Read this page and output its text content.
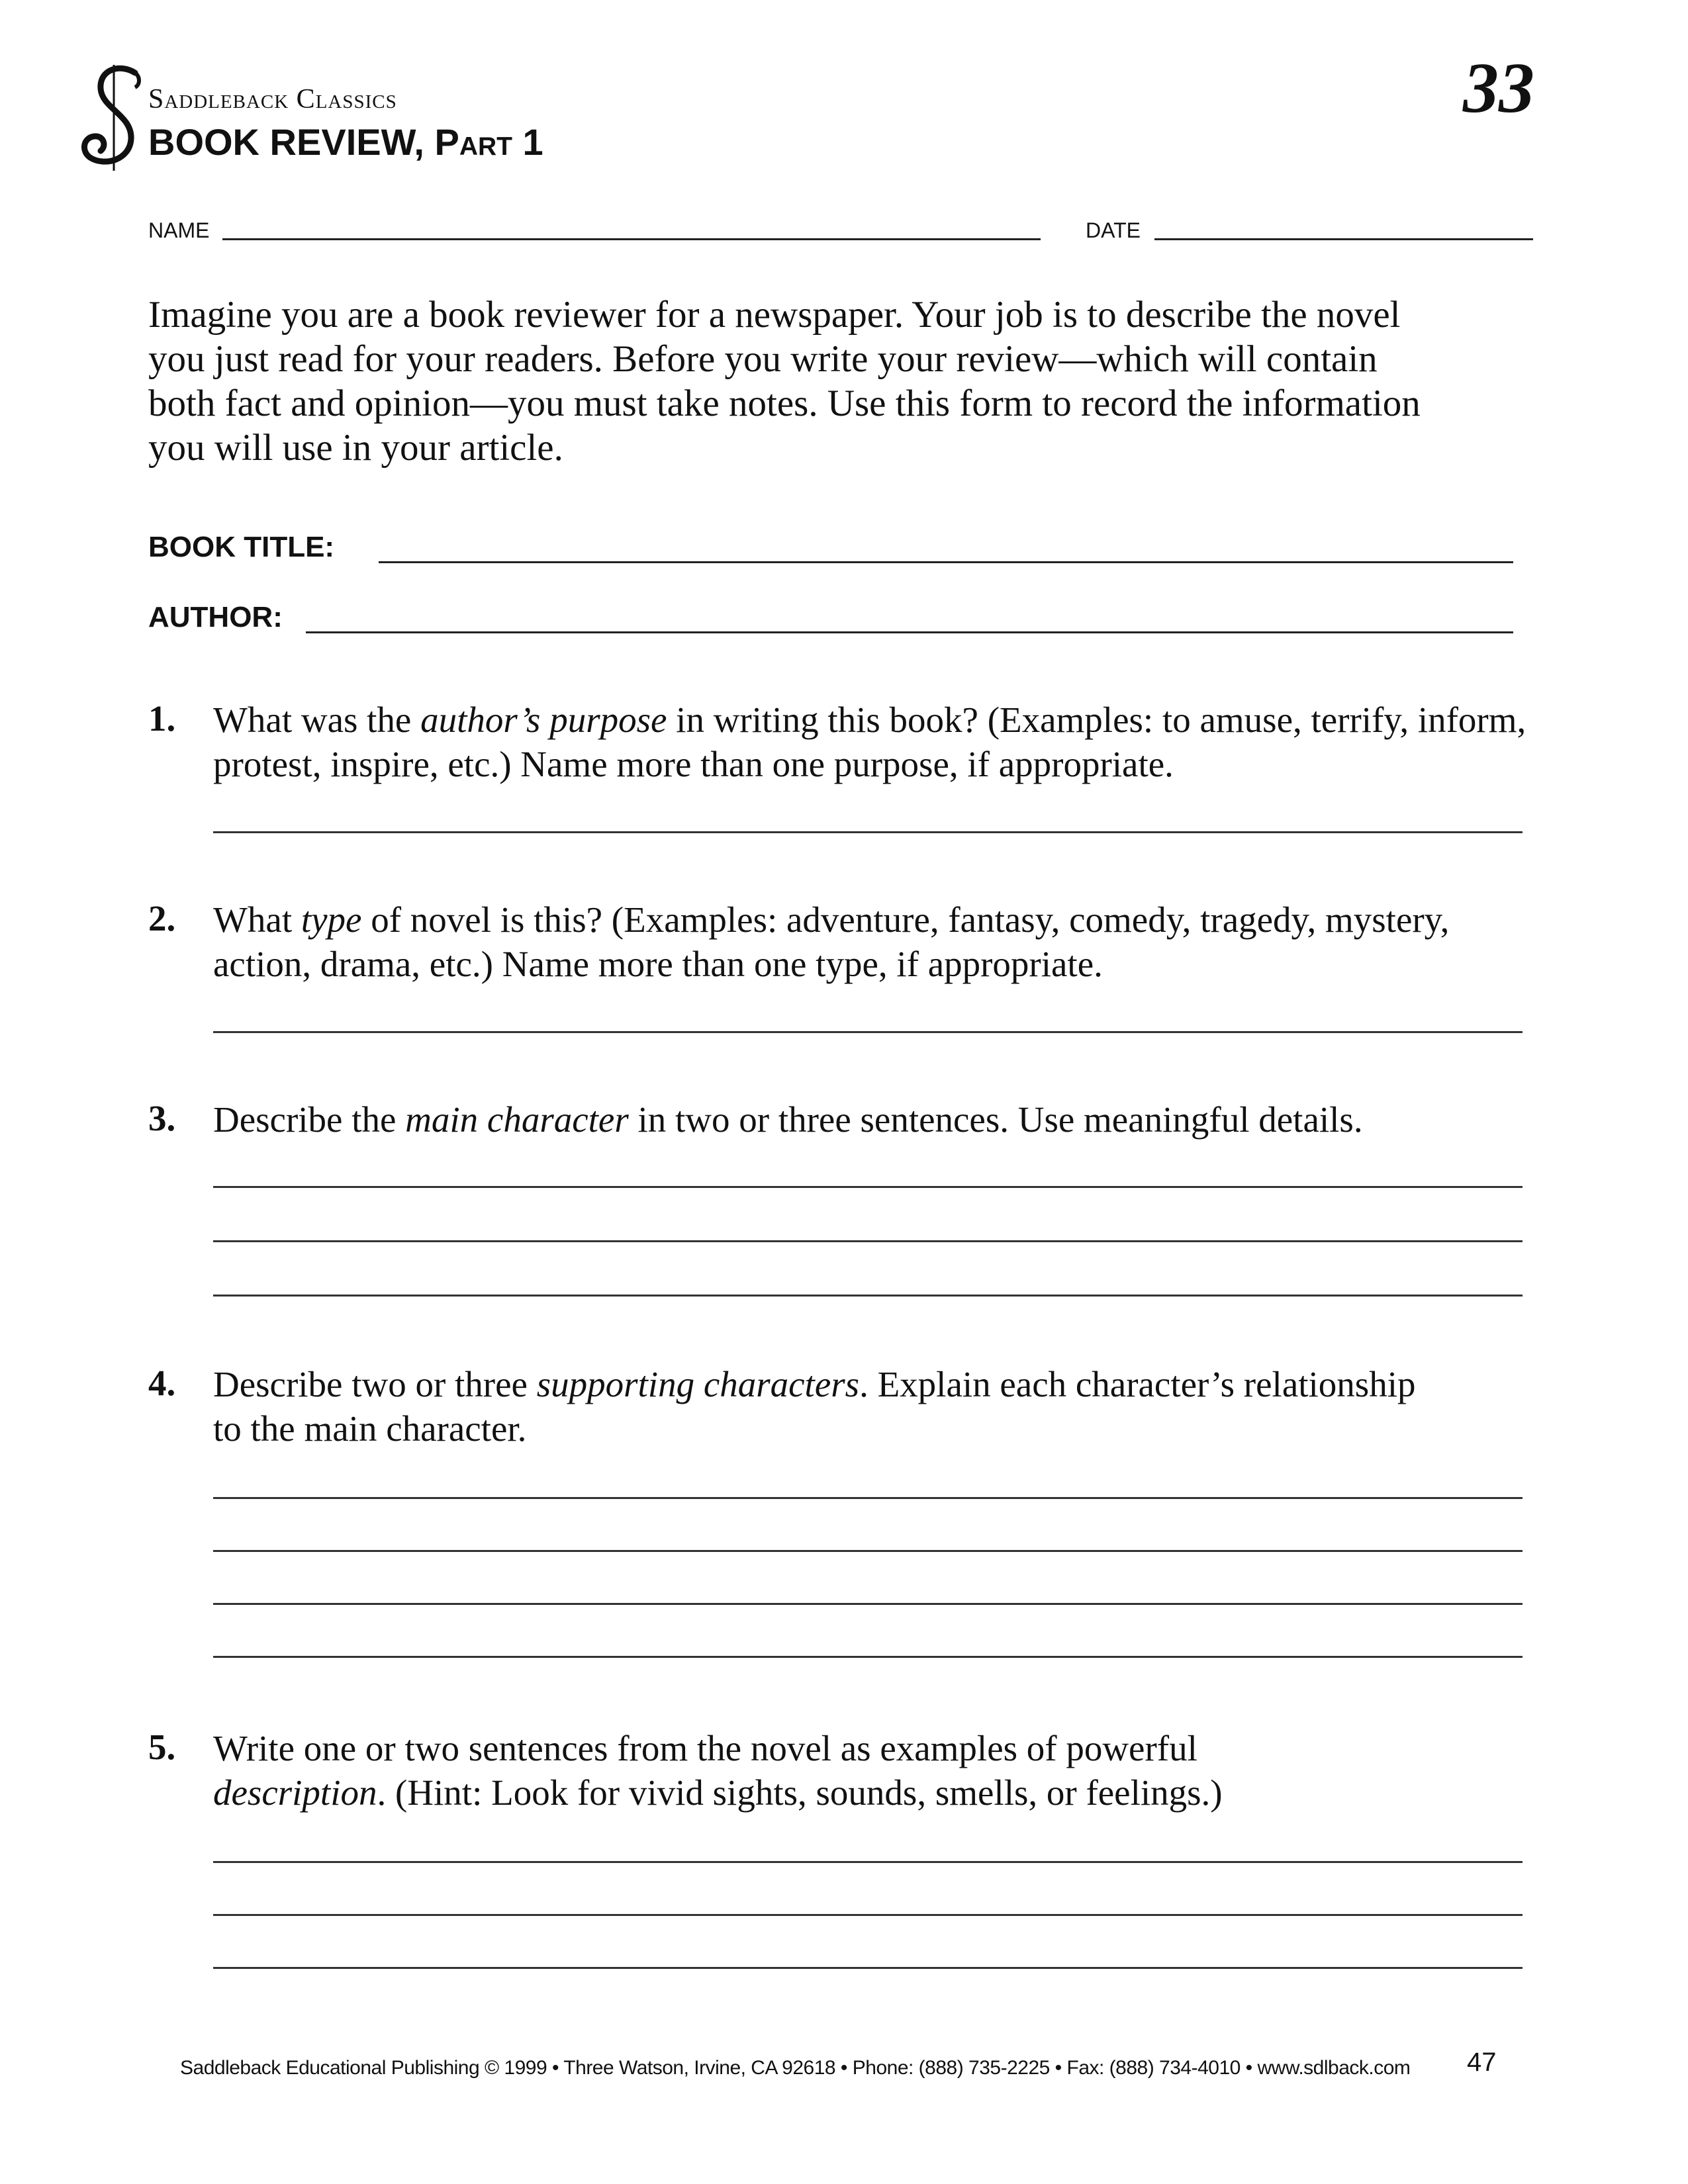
Saddleback Classics
BOOK REVIEW, Part 1
33
NAME	DATE
Imagine you are a book reviewer for a newspaper. Your job is to describe the novel you just read for your readers. Before you write your review—which will contain both fact and opinion—you must take notes. Use this form to record the information you will use in your article.
BOOK TITLE:
AUTHOR:
1. What was the author’s purpose in writing this book? (Examples: to amuse, terrify, inform, protest, inspire, etc.) Name more than one purpose, if appropriate.
2. What type of novel is this? (Examples: adventure, fantasy, comedy, tragedy, mystery, action, drama, etc.) Name more than one type, if appropriate.
3. Describe the main character in two or three sentences. Use meaningful details.
4. Describe two or three supporting characters. Explain each character’s relationship to the main character.
5. Write one or two sentences from the novel as examples of powerful description. (Hint: Look for vivid sights, sounds, smells, or feelings.)
Saddleback Educational Publishing © 1999 • Three Watson, Irvine, CA 92618 • Phone: (888) 735-2225 • Fax: (888) 734-4010 • www.sdlback.com 47
